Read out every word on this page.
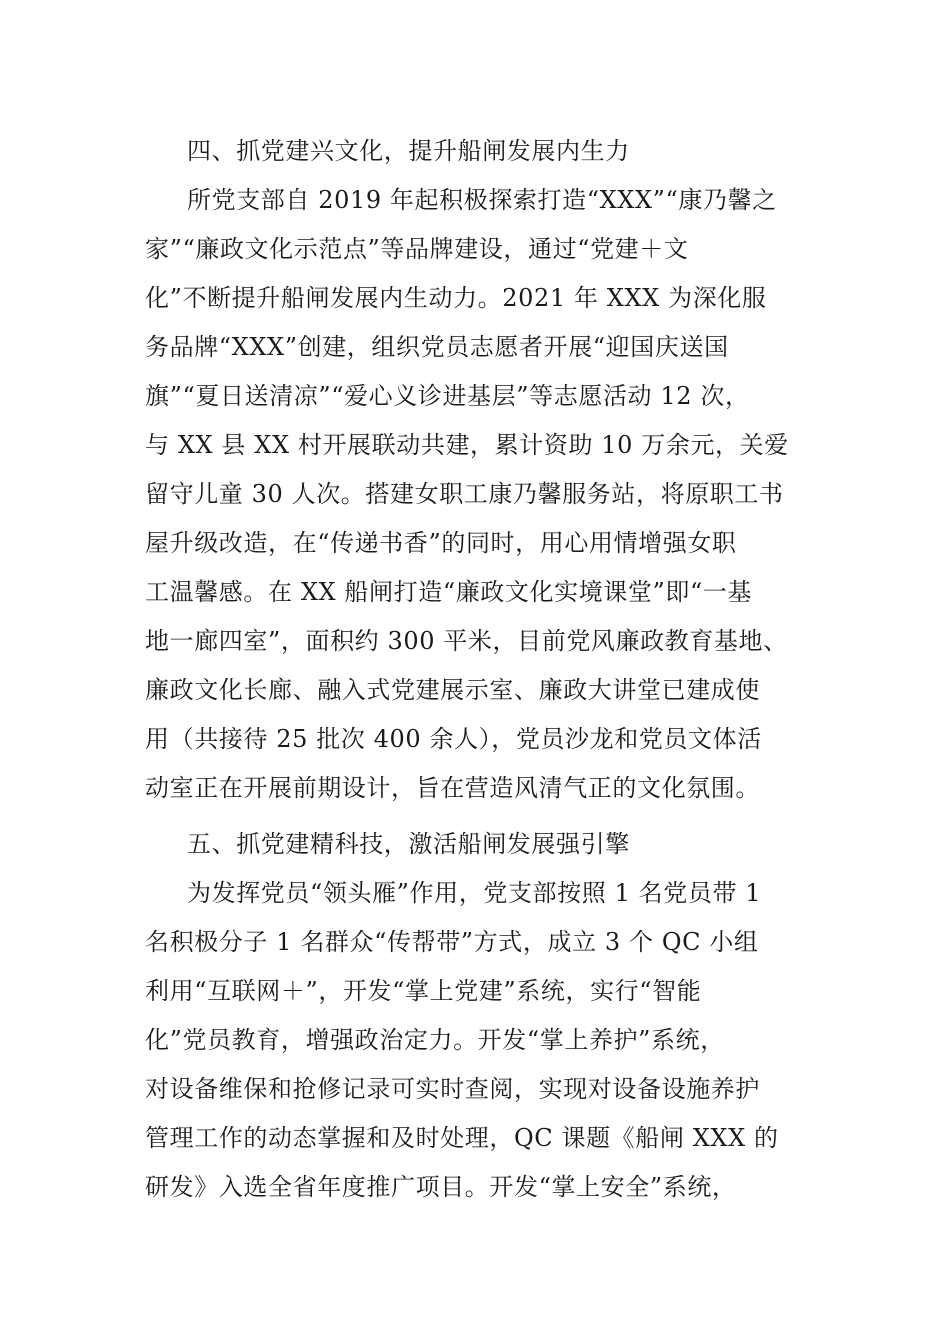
四、抓党建兴文化，提升船闸发展内生力
所党支部自 2019 年起积极探索打造“XXX”“康乃馨之
家”“廉政文化示范点”等品牌建设，通过“党建＋文
化”不断提升船闸发展内生动力。2021 年 XXX 为深化服
务品牌“XXX”创建，组织党员志愿者开展“迎国庆送国
旗”“夏日送清凉”“爱心义诊进基层”等志愿活动 12 次，
与 XX 县 XX 村开展联动共建，累计资助 10 万余元，关爱
留守儿童 30 人次。搭建女职工康乃馨服务站，将原职工书
屋升级改造，在“传递书香”的同时，用心用情增强女职
工温馨感。在 XX 船闸打造“廉政文化实境课堂”即“一基
地一廊四室”，面积约 300 平米，目前党风廉政教育基地、
廉政文化长廊、融入式党建展示室、廉政大讲堂已建成使
用（共接待 25 批次 400 余人），党员沙龙和党员文体活
动室正在开展前期设计，旨在营造风清气正的文化氛围。
五、抓党建精科技，激活船闸发展强引擎
为发挥党员“领头雁”作用，党支部按照 1 名党员带 1
名积极分子 1 名群众“传帮带”方式，成立 3 个 QC 小组
利用“互联网＋”，开发“掌上党建”系统，实行“智能
化”党员教育，增强政治定力。开发“掌上养护”系统，
对设备维保和抢修记录可实时查阅，实现对设备设施养护
管理工作的动态掌握和及时处理，QC 课题《船闸 XXX 的
研发》入选全省年度推广项目。开发“掌上安全”系统，
